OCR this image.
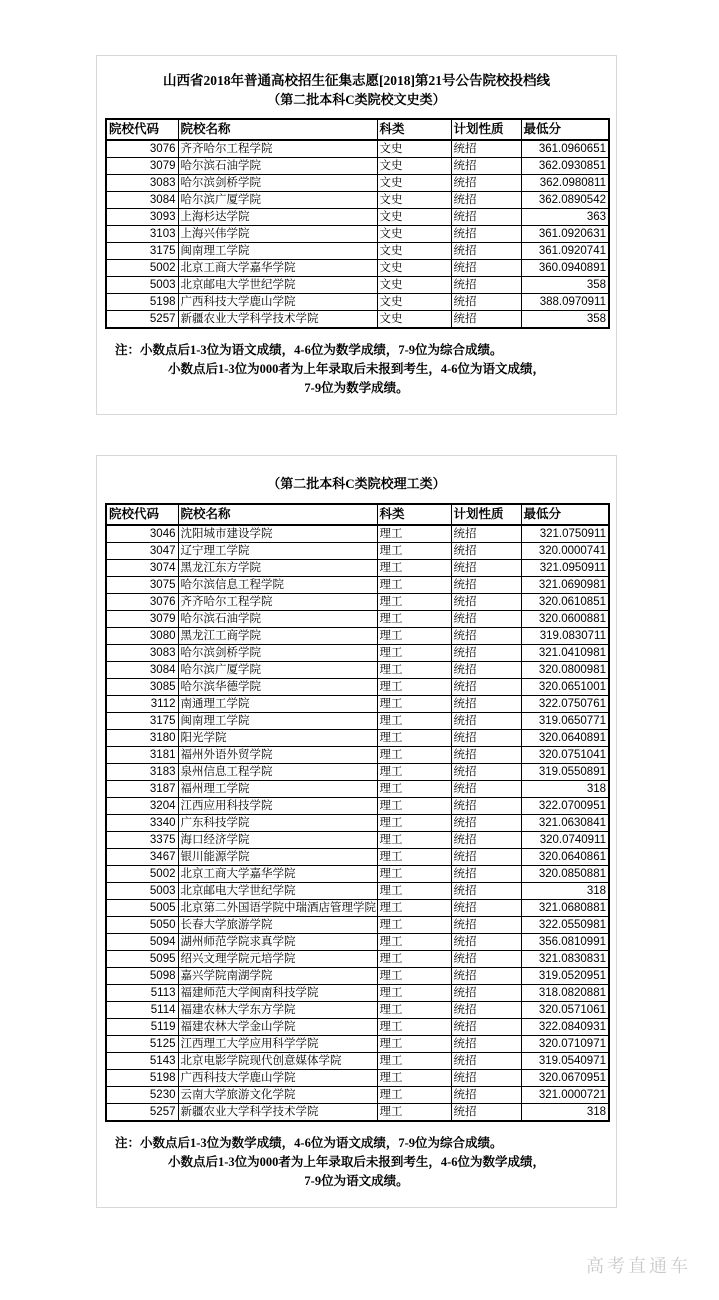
山西省2018年普通高校招生征集志愿[2018]第21号公告院校投档线
（第二批本科C类院校文史类）
院校代码	院校名称	科类	计划性质	最低分
3076	齐齐哈尔工程学院	文史	统招	361.0960651
3079	哈尔滨石油学院	文史	统招	362.0930851
3083	哈尔滨剑桥学院	文史	统招	362.0980811
3084	哈尔滨广厦学院	文史	统招	362.0890542
3093	上海杉达学院	文史	统招	363
3103	上海兴伟学院	文史	统招	361.0920631
3175	闽南理工学院	文史	统招	361.0920741
5002	北京工商大学嘉华学院	文史	统招	360.0940891
5003	北京邮电大学世纪学院	文史	统招	358
5198	广西科技大学鹿山学院	文史	统招	388.0970911
5257	新疆农业大学科学技术学院	文史	统招	358
注：小数点后1-3位为语文成绩，4-6位为数学成绩，7-9位为综合成绩。
小数点后1-3位为000者为上年录取后未报到考生，4-6位为语文成绩，
7-9位为数学成绩。
（第二批本科C类院校理工类）
院校代码	院校名称	科类	计划性质	最低分
3046	沈阳城市建设学院	理工	统招	321.0750911
3047	辽宁理工学院	理工	统招	320.0000741
3074	黑龙江东方学院	理工	统招	321.0950911
3075	哈尔滨信息工程学院	理工	统招	321.0690981
3076	齐齐哈尔工程学院	理工	统招	320.0610851
3079	哈尔滨石油学院	理工	统招	320.0600881
3080	黑龙江工商学院	理工	统招	319.0830711
3083	哈尔滨剑桥学院	理工	统招	321.0410981
3084	哈尔滨广厦学院	理工	统招	320.0800981
3085	哈尔滨华德学院	理工	统招	320.0651001
3112	南通理工学院	理工	统招	322.0750761
3175	闽南理工学院	理工	统招	319.0650771
3180	阳光学院	理工	统招	320.0640891
3181	福州外语外贸学院	理工	统招	320.0751041
3183	泉州信息工程学院	理工	统招	319.0550891
3187	福州理工学院	理工	统招	318
3204	江西应用科技学院	理工	统招	322.0700951
3340	广东科技学院	理工	统招	321.0630841
3375	海口经济学院	理工	统招	320.0740911
3467	银川能源学院	理工	统招	320.0640861
5002	北京工商大学嘉华学院	理工	统招	320.0850881
5003	北京邮电大学世纪学院	理工	统招	318
5005	北京第二外国语学院中瑞酒店管理学院	理工	统招	321.0680881
5050	长春大学旅游学院	理工	统招	322.0550981
5094	湖州师范学院求真学院	理工	统招	356.0810991
5095	绍兴文理学院元培学院	理工	统招	321.0830831
5098	嘉兴学院南湖学院	理工	统招	319.0520951
5113	福建师范大学闽南科技学院	理工	统招	318.0820881
5114	福建农林大学东方学院	理工	统招	320.0571061
5119	福建农林大学金山学院	理工	统招	322.0840931
5125	江西理工大学应用科学学院	理工	统招	320.0710971
5143	北京电影学院现代创意媒体学院	理工	统招	319.0540971
5198	广西科技大学鹿山学院	理工	统招	320.0670951
5230	云南大学旅游文化学院	理工	统招	321.0000721
5257	新疆农业大学科学技术学院	理工	统招	318
注：小数点后1-3位为数学成绩，4-6位为语文成绩，7-9位为综合成绩。
小数点后1-3位为000者为上年录取后未报到考生，4-6位为数学成绩，
7-9位为语文成绩。
高考直通车
